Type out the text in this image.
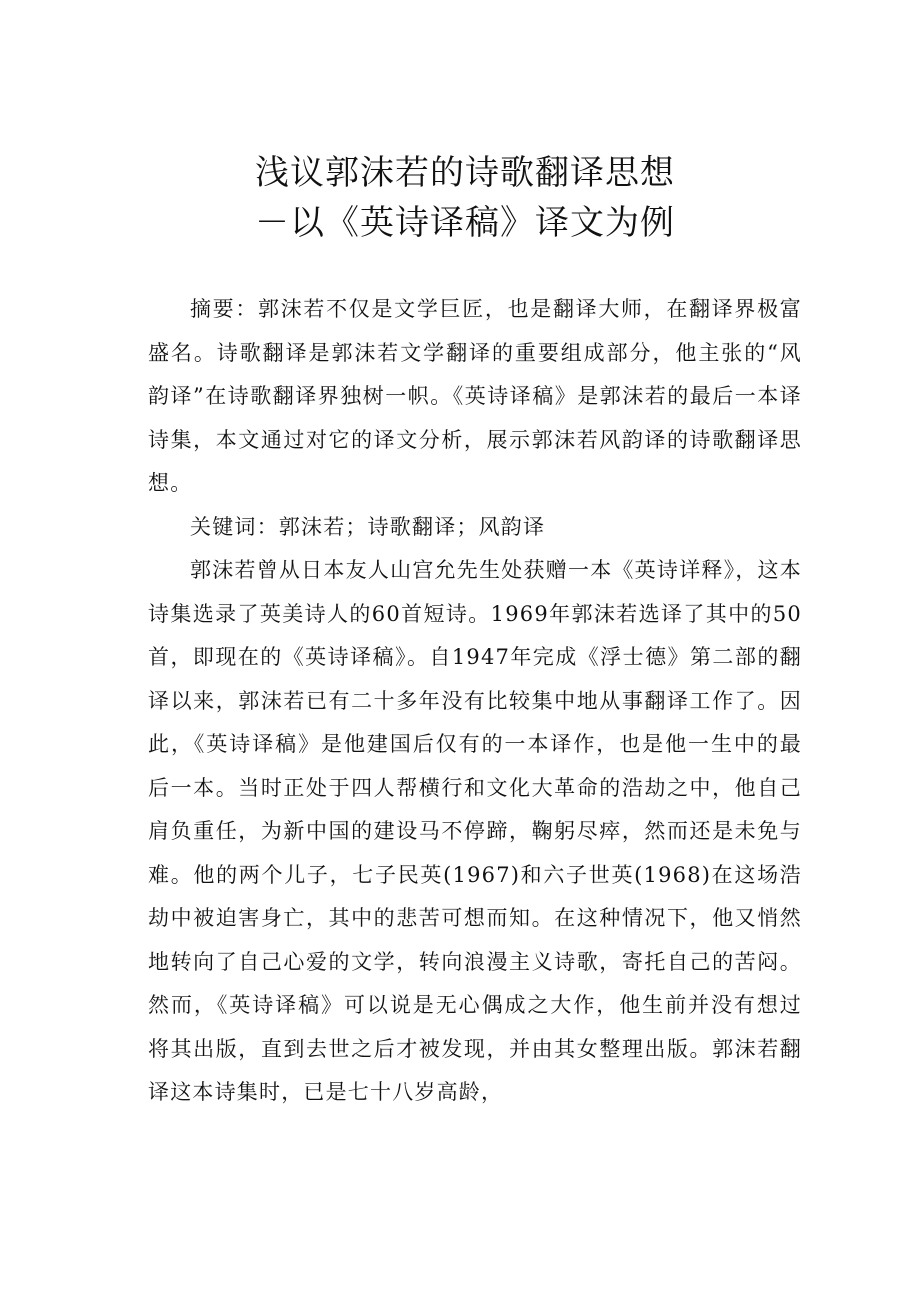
浅议郭沫若的诗歌翻译思想
－以《英诗译稿》译文为例

摘要：郭沫若不仅是文学巨匠，也是翻译大师，在翻译界极富盛名。诗歌翻译是郭沫若文学翻译的重要组成部分，他主张的“风韵译”在诗歌翻译界独树一帜。《英诗译稿》是郭沫若的最后一本译诗集，本文通过对它的译文分析，展示郭沫若风韵译的诗歌翻译思想。

关键词：郭沫若；诗歌翻译；风韵译

郭沫若曾从日本友人山宫允先生处获赠一本《英诗详释》，这本诗集选录了英美诗人的60首短诗。1969年郭沫若选译了其中的50首，即现在的《英诗译稿》。自1947年完成《浮士德》第二部的翻译以来，郭沫若已有二十多年没有比较集中地从事翻译工作了。因此，《英诗译稿》是他建国后仅有的一本译作，也是他一生中的最后一本。当时正处于四人帮横行和文化大革命的浩劫之中，他自己肩负重任，为新中国的建设马不停蹄，鞠躬尽瘁，然而还是未免与难。他的两个儿子，七子民英(1967)和六子世英(1968)在这场浩劫中被迫害身亡，其中的悲苦可想而知。在这种情况下，他又悄然地转向了自己心爱的文学，转向浪漫主义诗歌，寄托自己的苦闷。然而，《英诗译稿》可以说是无心偶成之大作，他生前并没有想过将其出版，直到去世之后才被发现，并由其女整理出版。郭沫若翻译这本诗集时，已是七十八岁高龄，
